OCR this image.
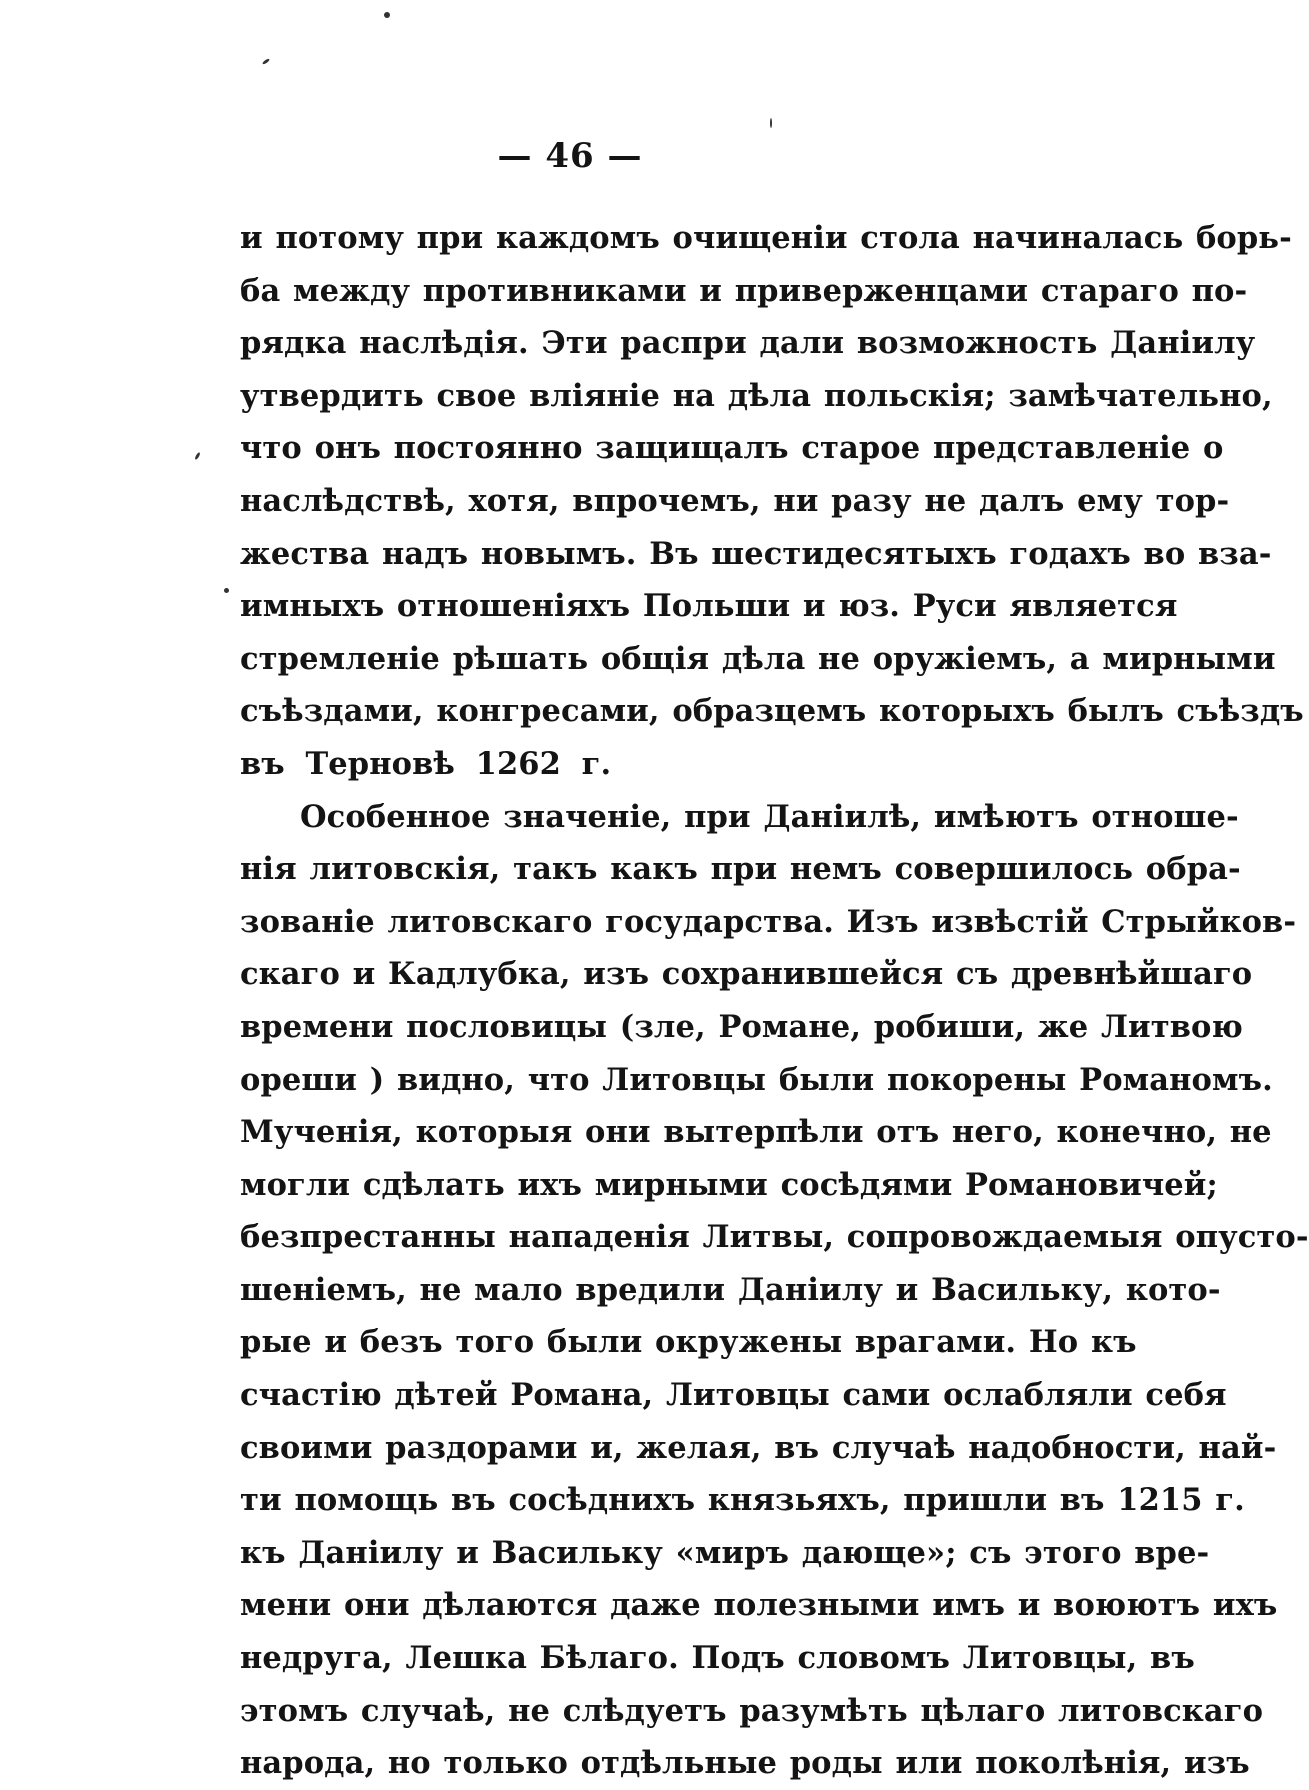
— 46 —
и потому при каждомъ очищеніи стола начиналась борь-
ба между противниками и приверженцами стараго по-
рядка наслѣдія. Эти распри дали возможность Даніилу
утвердить свое вліяніе на дѣла польскія; замѣчательно,
что онъ постоянно защищалъ старое представленіе о
наслѣдствѣ, хотя, впрочемъ, ни разу не далъ ему тор-
жества надъ новымъ. Въ шестидесятыхъ годахъ во вза-
имныхъ отношеніяхъ Польши и юз. Руси является
стремленіе рѣшать общія дѣла не оружіемъ, а мирными
съѣздами, конгресами, образцемъ которыхъ былъ съѣздъ
въ Терновѣ 1262 г.
Особенное значеніе, при Даніилѣ, имѣютъ отноше-
нія литовскія, такъ какъ при немъ совершилось обра-
зованіе литовскаго государства. Изъ извѣстій Стрыйков-
скаго и Кадлубка, изъ сохранившейся съ древнѣйшаго
времени пословицы (зле, Романе, робиши, же Литвою
ореши ) видно, что Литовцы были покорены Романомъ.
Мученія, которыя они вытерпѣли отъ него, конечно, не
могли сдѣлать ихъ мирными сосѣдями Романовичей;
безпрестанны нападенія Литвы, сопровождаемыя опусто-
шеніемъ, не мало вредили Даніилу и Васильку, кото-
рые и безъ того были окружены врагами. Но къ
счастію дѣтей Романа, Литовцы сами ослабляли себя
своими раздорами и, желая, въ случаѣ надобности, най-
ти помощь въ сосѣднихъ князьяхъ, пришли въ 1215 г.
къ Даніилу и Васильку «миръ дающе»; съ этого вре-
мени они дѣлаются даже полезными имъ и воюютъ ихъ
недруга, Лешка Бѣлаго. Подъ словомъ Литовцы, въ
этомъ случаѣ, не слѣдуетъ разумѣть цѣлаго литовскаго
народа, но только отдѣльные роды или поколѣнія, изъ
